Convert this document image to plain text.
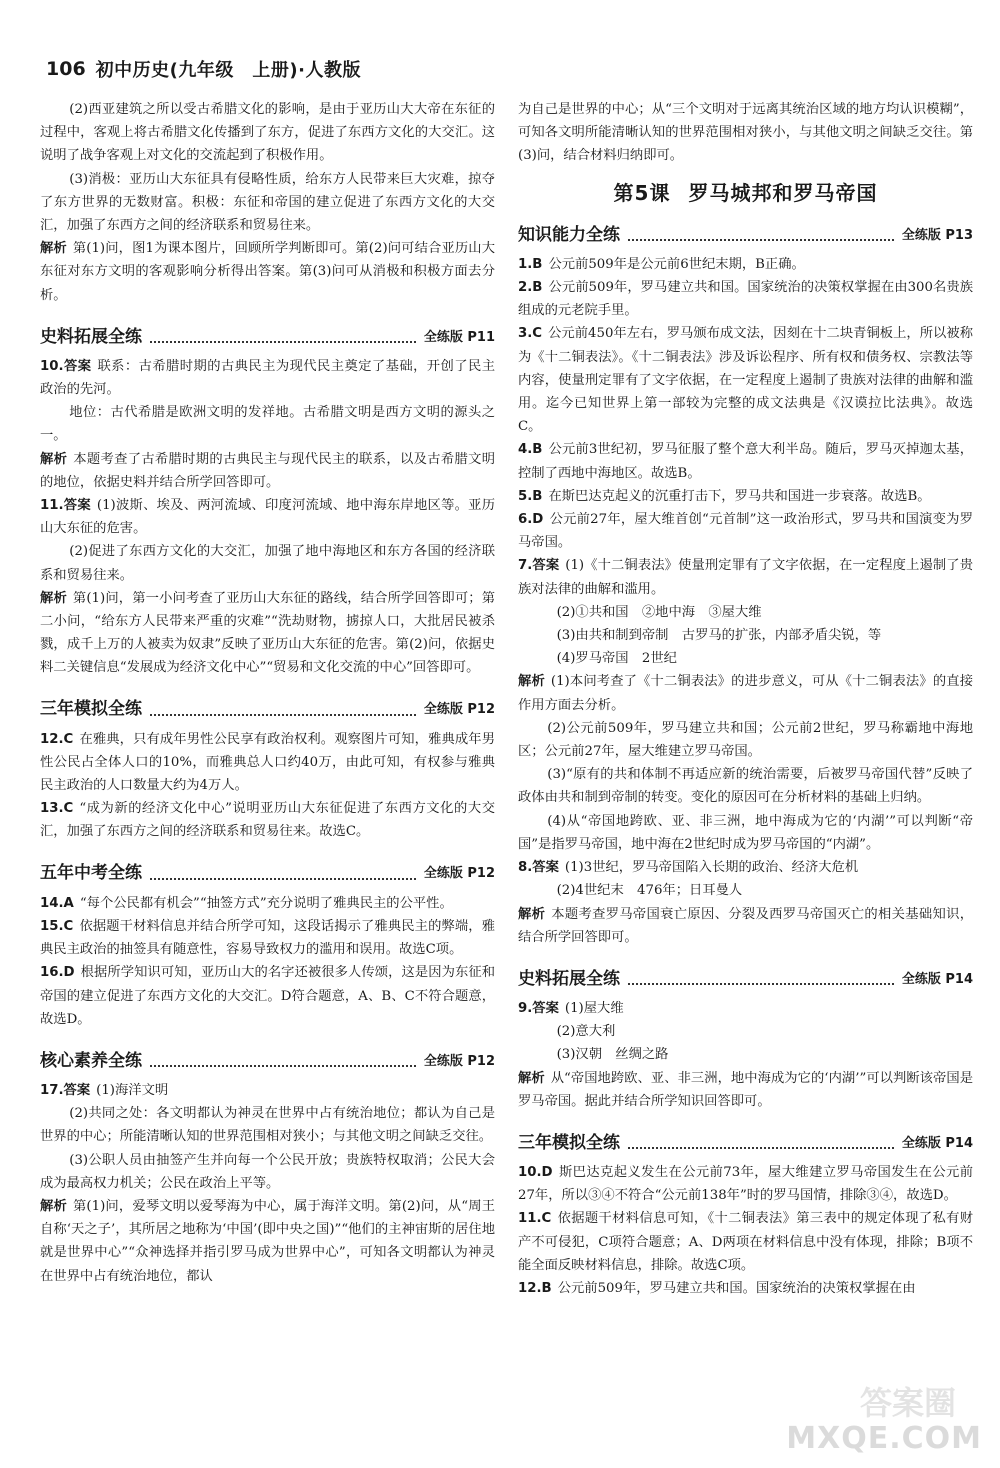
106 初中历史(九年级　上册)·人教版

(2)西亚建筑之所以受古希腊文化的影响，是由于亚历山大大帝在东征的过程中，客观上将古希腊文化传播到了东方，促进了东西方文化的大交汇。这说明了战争客观上对文化的交流起到了积极作用。

(3)消极：亚历山大东征具有侵略性质，给东方人民带来巨大灾难，掠夺了东方世界的无数财富。积极：东征和帝国的建立促进了东西方文化的大交汇，加强了东西方之间的经济联系和贸易往来。

解析 第(1)问，图1为课本图片，回顾所学判断即可。第(2)问可结合亚历山大东征对东方文明的客观影响分析得出答案。第(3)问可从消极和积极方面去分析。

史料拓展全练	全练版 P11

10.答案 联系：古希腊时期的古典民主为现代民主奠定了基础，开创了民主政治的先河。

地位：古代希腊是欧洲文明的发祥地。古希腊文明是西方文明的源头之一。

解析 本题考查了古希腊时期的古典民主与现代民主的联系，以及古希腊文明的地位，依据史料并结合所学回答即可。

11.答案 (1)波斯、埃及、两河流域、印度河流域、地中海东岸地区等。亚历山大东征的危害。

(2)促进了东西方文化的大交汇，加强了地中海地区和东方各国的经济联系和贸易往来。

解析 第(1)问，第一小问考查了亚历山大东征的路线，结合所学回答即可；第二小问，“给东方人民带来严重的灾难”“洗劫财物，掳掠人口，大批居民被杀戮，成千上万的人被卖为奴隶”反映了亚历山大东征的危害。第(2)问，依据史料二关键信息“发展成为经济文化中心”“贸易和文化交流的中心”回答即可。

三年模拟全练	全练版 P12

12.C 在雅典，只有成年男性公民享有政治权利。观察图片可知，雅典成年男性公民占全体人口的10%，而雅典总人口约40万，由此可知，有权参与雅典民主政治的人口数量大约为4万人。

13.C “成为新的经济文化中心”说明亚历山大东征促进了东西方文化的大交汇，加强了东西方之间的经济联系和贸易往来。故选C。

五年中考全练	全练版 P12

14.A “每个公民都有机会”“抽签方式”充分说明了雅典民主的公平性。

15.C 依据题干材料信息并结合所学可知，这段话揭示了雅典民主的弊端，雅典民主政治的抽签具有随意性，容易导致权力的滥用和误用。故选C项。

16.D 根据所学知识可知，亚历山大的名字还被很多人传颂，这是因为东征和帝国的建立促进了东西方文化的大交汇。D符合题意，A、B、C不符合题意，故选D。

核心素养全练	全练版 P12

17.答案 (1)海洋文明

(2)共同之处：各文明都认为神灵在世界中占有统治地位；都认为自己是世界的中心；所能清晰认知的世界范围相对狭小；与其他文明之间缺乏交往。

(3)公职人员由抽签产生并向每一个公民开放；贵族特权取消；公民大会成为最高权力机关；公民在政治上平等。

解析 第(1)问，爱琴文明以爱琴海为中心，属于海洋文明。第(2)问，从“周王自称‘天之子’，其所居之地称为‘中国’(即中央之国)”“他们的主神宙斯的居住地就是世界中心”“众神选择并指引罗马成为世界中心”，可知各文明都认为神灵在世界中占有统治地位，都认

为自己是世界的中心；从“三个文明对于远离其统治区域的地方均认识模糊”，可知各文明所能清晰认知的世界范围相对狭小，与其他文明之间缺乏交往。第(3)问，结合材料归纳即可。

第5课 罗马城邦和罗马帝国
知识能力全练	全练版 P13

1.B 公元前509年是公元前6世纪末期，B正确。

2.B 公元前509年，罗马建立共和国。国家统治的决策权掌握在由300名贵族组成的元老院手里。

3.C 公元前450年左右，罗马颁布成文法，因刻在十二块青铜板上，所以被称为《十二铜表法》。《十二铜表法》涉及诉讼程序、所有权和债务权、宗教法等内容，使量刑定罪有了文字依据，在一定程度上遏制了贵族对法律的曲解和滥用。迄今已知世界上第一部较为完整的成文法典是《汉谟拉比法典》。故选C。

4.B 公元前3世纪初，罗马征服了整个意大利半岛。随后，罗马灭掉迦太基，控制了西地中海地区。故选B。

5.B 在斯巴达克起义的沉重打击下，罗马共和国进一步衰落。故选B。

6.D 公元前27年，屋大维首创“元首制”这一政治形式，罗马共和国演变为罗马帝国。

7.答案 (1)《十二铜表法》使量刑定罪有了文字依据，在一定程度上遏制了贵族对法律的曲解和滥用。

(2)①共和国　②地中海　③屋大维

(3)由共和制到帝制　古罗马的扩张，内部矛盾尖锐，等

(4)罗马帝国　2世纪

解析 (1)本问考查了《十二铜表法》的进步意义，可从《十二铜表法》的直接作用方面去分析。

(2)公元前509年，罗马建立共和国；公元前2世纪，罗马称霸地中海地区；公元前27年，屋大维建立罗马帝国。

(3)“原有的共和体制不再适应新的统治需要，后被罗马帝国代替”反映了政体由共和制到帝制的转变。变化的原因可在分析材料的基础上归纳。

(4)从“帝国地跨欧、亚、非三洲，地中海成为它的‘内湖’”可以判断“帝国”是指罗马帝国，地中海在2世纪时成为罗马帝国的“内湖”。

8.答案 (1)3世纪，罗马帝国陷入长期的政治、经济大危机

(2)4世纪末　476年；日耳曼人

解析 本题考查罗马帝国衰亡原因、分裂及西罗马帝国灭亡的相关基础知识，结合所学回答即可。

史料拓展全练	全练版 P14

9.答案 (1)屋大维

(2)意大利

(3)汉朝　丝绸之路

解析 从“帝国地跨欧、亚、非三洲，地中海成为它的‘内湖’”可以判断该帝国是罗马帝国。据此并结合所学知识回答即可。

三年模拟全练	全练版 P14

10.D 斯巴达克起义发生在公元前73年，屋大维建立罗马帝国发生在公元前27年，所以③④不符合“公元前138年”时的罗马国情，排除③④，故选D。

11.C 依据题干材料信息可知，《十二铜表法》第三表中的规定体现了私有财产不可侵犯，C项符合题意；A、D两项在材料信息中没有体现，排除；B项不能全面反映材料信息，排除。故选C项。

12.B 公元前509年，罗马建立共和国。国家统治的决策权掌握在由

答案圈
MXQE.COM
